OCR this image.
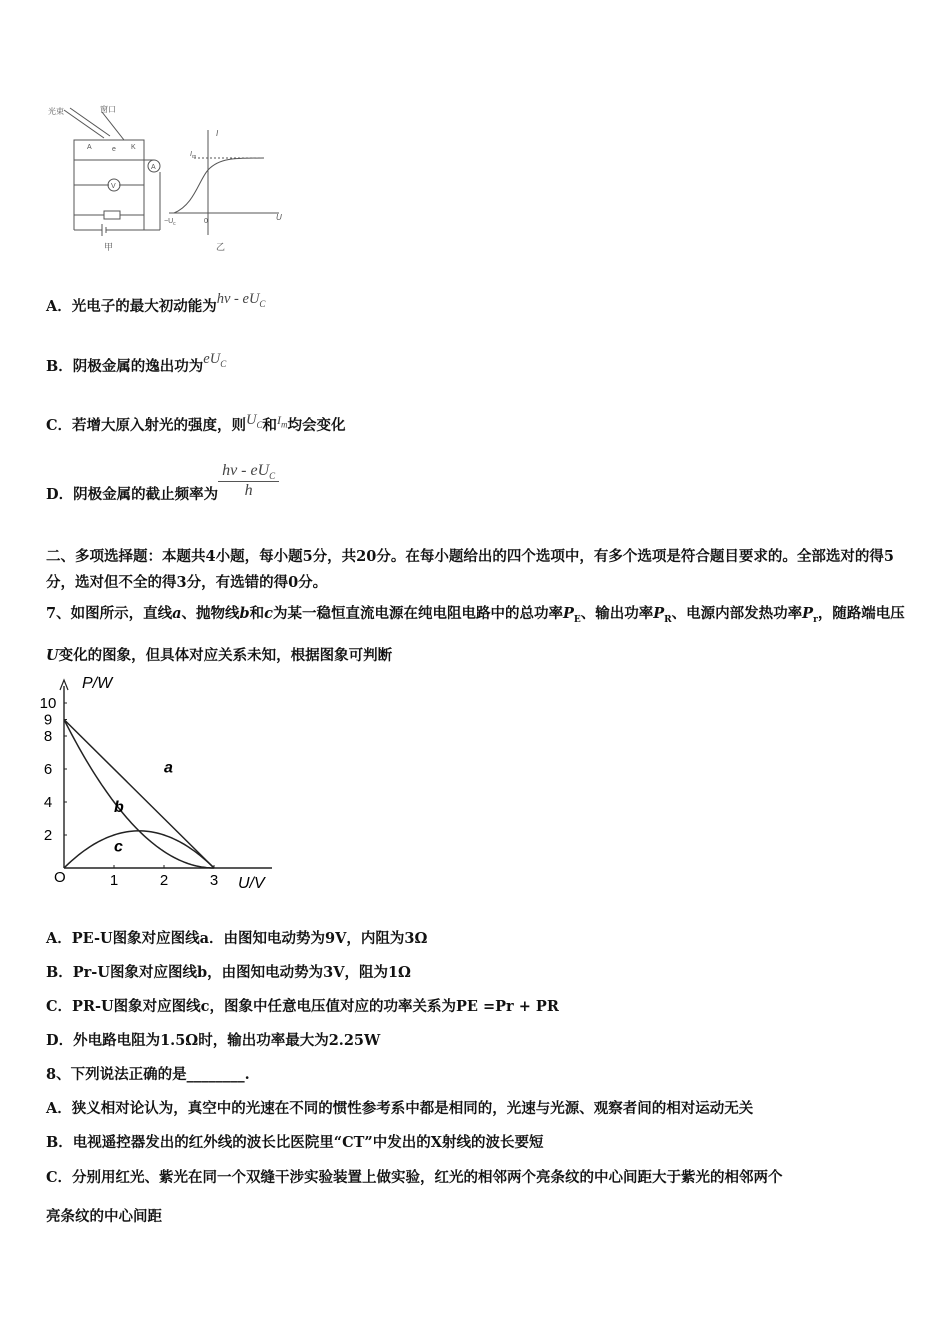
光束	窗口
A	K
e
A
V
甲
I
U
$I_m$
$-U_c$	0
乙
A．光电子的最大初动能为hν - $eU_C$
B．阴极金属的逸出功为$eU_C$
C．若增大原入射光的强度，则$U_C$和$^{I_m}$均会变化
D．阴极金属的截止频率为 $\frac{h\nu - eU_C}{h}$
二、多项选择题：本题共4小题，每小题5分，共20分。在每小题给出的四个选项中，有多个选项是符合题目要求的。全部选对的得5分，选对但不全的得3分，有选错的得0分。
7、如图所示，直线a、抛物线b和c为某一稳恒直流电源在纯电阻电路中的总功率$P_E$、输出功率$P_R$、电源内部发热功率$P_r$，随路端电压U变化的图象，但具体对应关系未知，根据图象可判断
10
9
8
6
4
2
1	2	3
a
b
c
P/W
U/V
O
A．PE-U图象对应图线a．由图知电动势为9V，内阻为3Ω
B．Pr-U图象对应图线b，由图知电动势为3V，阻为1Ω
C．PR-U图象对应图线c，图象中任意电压值对应的功率关系为PE =Pr + PR
D．外电路电阻为1.5Ω时，输出功率最大为2.25W
8、下列说法正确的是________.
A．狭义相对论认为，真空中的光速在不同的惯性参考系中都是相同的，光速与光源、观察者间的相对运动无关
B．电视遥控器发出的红外线的波长比医院里“CT”中发出的X射线的波长要短
C．分别用红光、紫光在同一个双缝干涉实验装置上做实验，红光的相邻两个亮条纹的中心间距大于紫光的相邻两个
亮条纹的中心间距
